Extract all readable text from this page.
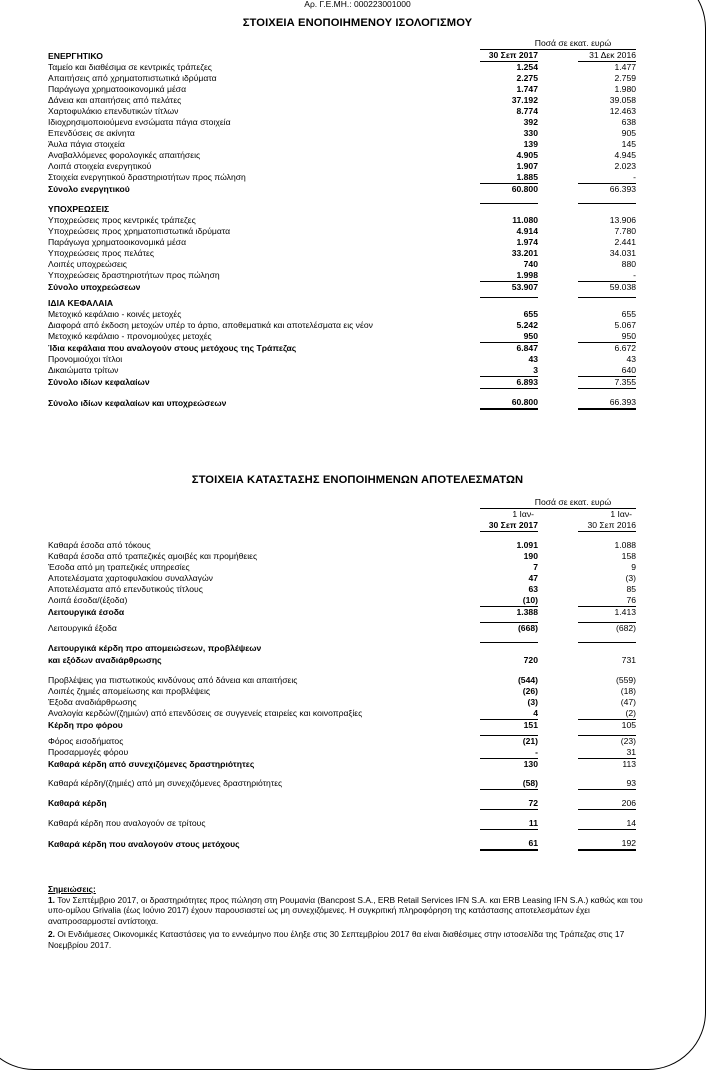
Αρ. Γ.Ε.ΜΗ.: 000223001000
ΣΤΟΙΧΕΙΑ ΕΝΟΠΟΙΗΜΕΝΟΥ ΙΣΟΛΟΓΙΣΜΟΥ
	Ποσά σε εκατ. ευρώ		
ΕΝΕΡΓΗΤΙΚΟ	30 Σεπ 2017		31 Δεκ 2016
Ταμείο και διαθέσιμα σε κεντρικές τράπεζες	1.254		1.477
Απαιτήσεις από χρηματοπιστωτικά ιδρύματα	2.275		2.759
Παράγωγα χρηματοοικονομικά μέσα	1.747		1.980
Δάνεια και απαιτήσεις από πελάτες	37.192		39.058
Χαρτοφυλάκιο επενδυτικών τίτλων	8.774		12.463
Ιδιοχρησιμοποιούμενα ενσώματα πάγια στοιχεία	392		638
Επενδύσεις σε ακίνητα	330		905
Άυλα πάγια στοιχεία	139		145
Αναβαλλόμενες φορολογικές απαιτήσεις	4.905		4.945
Λοιπά στοιχεία ενεργητικού	1.907		2.023
Στοιχεία ενεργητικού δραστηριοτήτων προς πώληση	1.885		-
Σύνολο ενεργητικού	60.800		66.393

ΥΠΟΧΡΕΩΣΕΙΣ			
Υποχρεώσεις προς κεντρικές τράπεζες	11.080		13.906
Υποχρεώσεις προς χρηματοπιστωτικά ιδρύματα	4.914		7.780
Παράγωγα χρηματοοικονομικά μέσα	1.974		2.441
Υποχρεώσεις προς πελάτες	33.201		34.031
Λοιπές υποχρεώσεις	740		880
Υποχρεώσεις δραστηριοτήτων προς πώληση	1.998		-
Σύνολο υποχρεώσεων	53.907		59.038

ΙΔΙΑ ΚΕΦΑΛΑΙΑ			
Μετοχικό κεφάλαιο - κοινές μετοχές	655		655
Διαφορά από έκδοση μετοχών υπέρ το άρτιο, αποθεματικά και αποτελέσματα εις νέον	5.242		5.067
Μετοχικό κεφάλαιο - προνομιούχες μετοχές	950		950
Ίδια κεφάλαια που αναλογούν στους μετόχους της Τράπεζας	6.847		6.672
Προνομιούχοι τίτλοι	43		43
Δικαιώματα τρίτων	3		640
Σύνολο ιδίων κεφαλαίων	6.893		7.355

Σύνολο ιδίων κεφαλαίων και υποχρεώσεων	60.800		66.393
ΣΤΟΙΧΕΙΑ ΚΑΤΑΣΤΑΣΗΣ ΕΝΟΠΟΙΗΜΕΝΩΝ ΑΠΟΤΕΛΕΣΜΑΤΩΝ
	Ποσά σε εκατ. ευρώ		
	1 Ιαν-		1 Ιαν-
	30 Σεπ 2017		30 Σεπ 2016

Καθαρά έσοδα από τόκους	1.091		1.088
Καθαρά έσοδα από τραπεζικές αμοιβές και προμήθειες	190		158
Έσοδα από μη τραπεζικές υπηρεσίες	7		9
Αποτελέσματα χαρτοφυλακίου συναλλαγών	47		(3)
Αποτελέσματα από επενδυτικούς τίτλους	63		85
Λοιπά έσοδα/(έξοδα)	(10)		76
Λειτουργικά έσοδα	1.388		1.413

Λειτουργικά έξοδα	(668)		(682)

Λειτουργικά κέρδη προ απομειώσεων, προβλέψεων			
και εξόδων αναδιάρθρωσης	720		731

Προβλέψεις για πιστωτικούς κινδύνους από δάνεια και απαιτήσεις	(544)		(559)
Λοιπές ζημιές απομείωσης και προβλέψεις	(26)		(18)
Έξοδα αναδιάρθρωσης	(3)		(47)
Αναλογία κερδών/(ζημιών) από επενδύσεις σε συγγενείς εταιρείες και κοινοπραξίες	4		(2)
Κέρδη προ φόρου	151		105

Φόρος εισοδήματος	(21)		(23)
Προσαρμογές φόρου	-		31
Καθαρά κέρδη από συνεχιζόμενες δραστηριότητες	130		113

Καθαρά κέρδη/(ζημιές) από μη συνεχιζόμενες δραστηριότητες	(58)		93

Καθαρά κέρδη	72		206

Καθαρά κέρδη που αναλογούν σε τρίτους	11		14

Καθαρά κέρδη που αναλογούν στους μετόχους	61		192
Σημειώσεις:

1. Τον Σεπτέμβριο 2017, οι δραστηριότητες προς πώληση στη Ρουμανία (Bancpost S.A., ERB Retail Services IFN S.A. και ERB Leasing IFN S.A.) καθώς και του υπο-ομίλου Grivalia (έως Ιούνιο 2017) έχουν παρουσιαστεί ως μη συνεχιζόμενες. Η συγκριτική πληροφόρηση της κατάστασης αποτελεσμάτων έχει αναπροσαρμοστεί αντίστοιχα.

2. Οι Ενδιάμεσες Οικονομικές Καταστάσεις για το εννεάμηνο που έληξε στις 30 Σεπτεμβρίου 2017 θα είναι διαθέσιμες στην ιστοσελίδα της Τράπεζας στις 17 Νοεμβρίου 2017.
